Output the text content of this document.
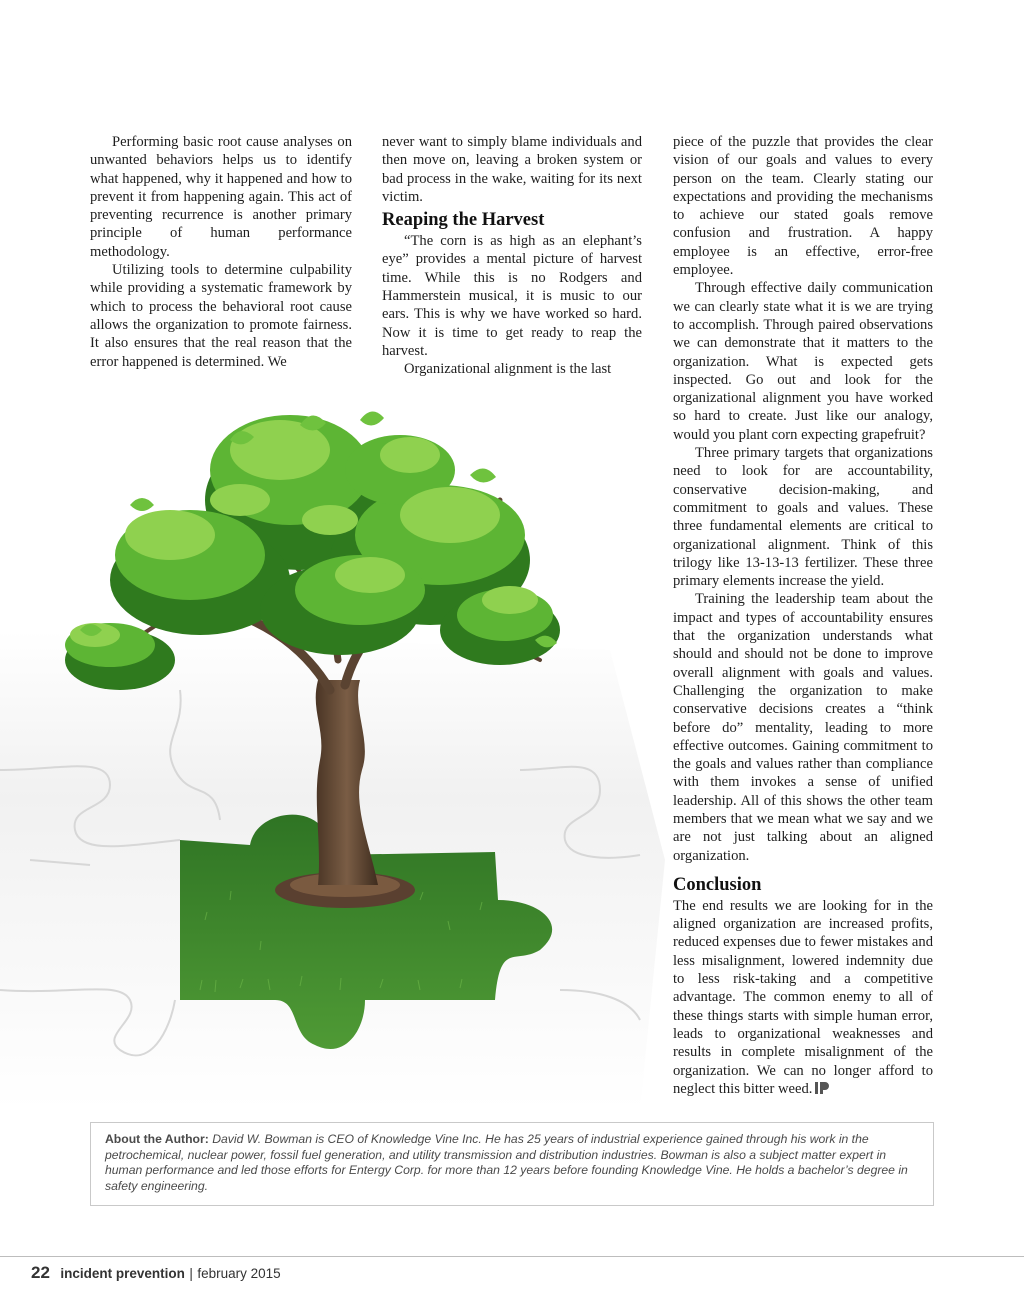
Performing basic root cause analyses on unwanted behaviors helps us to identify what happened, why it happened and how to prevent it from happening again. This act of preventing recurrence is another primary principle of human performance methodology.

Utilizing tools to determine culpability while providing a systematic framework by which to process the behavioral root cause allows the organization to promote fairness. It also ensures that the real reason that the error happened is determined. We

never want to simply blame individuals and then move on, leaving a broken system or bad process in the wake, waiting for its next victim.

Reaping the Harvest

“The corn is as high as an elephant’s eye” provides a mental picture of harvest time. While this is no Rodgers and Hammerstein musical, it is music to our ears. This is why we have worked so hard. Now it is time to get ready to reap the harvest.

Organizational alignment is the last

piece of the puzzle that provides the clear vision of our goals and values to every person on the team. Clearly stating our expectations and providing the mechanisms to achieve our stated goals remove confusion and frustration. A happy employee is an effective, error-free employee.

Through effective daily communication we can clearly state what it is we are trying to accomplish. Through paired observations we can demonstrate that it matters to the organization. What is expected gets inspected. Go out and look for the organizational alignment you have worked so hard to create. Just like our analogy, would you plant corn expecting grapefruit?

Three primary targets that organizations need to look for are accountability, conservative decision-making, and commitment to goals and values. These three fundamental elements are critical to organizational alignment. Think of this trilogy like 13-13-13 fertilizer. These three primary elements increase the yield.

Training the leadership team about the impact and types of accountability ensures that the organization understands what should and should not be done to improve overall alignment with goals and values. Challenging the organization to make conservative decisions creates a “think before do” mentality, leading to more effective outcomes. Gaining commitment to the goals and values rather than compliance with them invokes a sense of unified leadership. All of this shows the other team members that we mean what we say and we are not just talking about an aligned organization.

Conclusion

The end results we are looking for in the aligned organization are increased profits, reduced expenses due to fewer mistakes and less misalignment, lowered indemnity due to less risk-taking and a competitive advantage. The common enemy to all of these things starts with simple human error, leads to organizational weaknesses and results in complete misalignment of the organization. We can no longer afford to neglect this bitter weed. 

About the Author: David W. Bowman is CEO of Knowledge Vine Inc. He has 25 years of industrial experience gained through his work in the petrochemical, nuclear power, fossil fuel generation, and utility transmission and distribution industries. Bowman is also a subject matter expert in human performance and led those efforts for Entergy Corp. for more than 12 years before founding Knowledge Vine. He holds a bachelor’s degree in safety engineering.
22 incident prevention | february 2015
